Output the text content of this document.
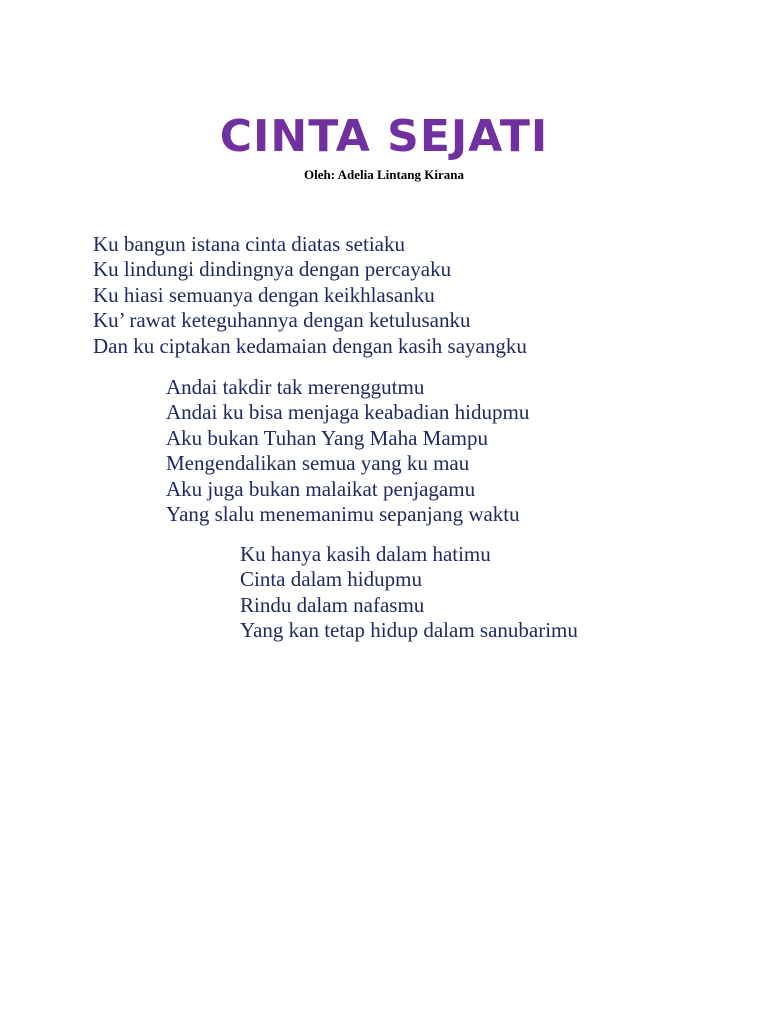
CINTA SEJATI

Oleh: Adelia Lintang Kirana

Ku bangun istana cinta diatas setiaku
Ku lindungi dindingnya dengan percayaku
Ku hiasi semuanya dengan keikhlasanku
Ku’ rawat keteguhannya dengan ketulusanku
Dan ku ciptakan kedamaian dengan kasih sayangku
Andai takdir tak merenggutmu
Andai ku bisa menjaga keabadian hidupmu
Aku bukan Tuhan Yang Maha Mampu
Mengendalikan semua yang ku mau
Aku juga bukan malaikat penjagamu
Yang slalu menemanimu sepanjang waktu
Ku hanya kasih dalam hatimu
Cinta dalam hidupmu
Rindu dalam nafasmu
Yang kan tetap hidup dalam sanubarimu
